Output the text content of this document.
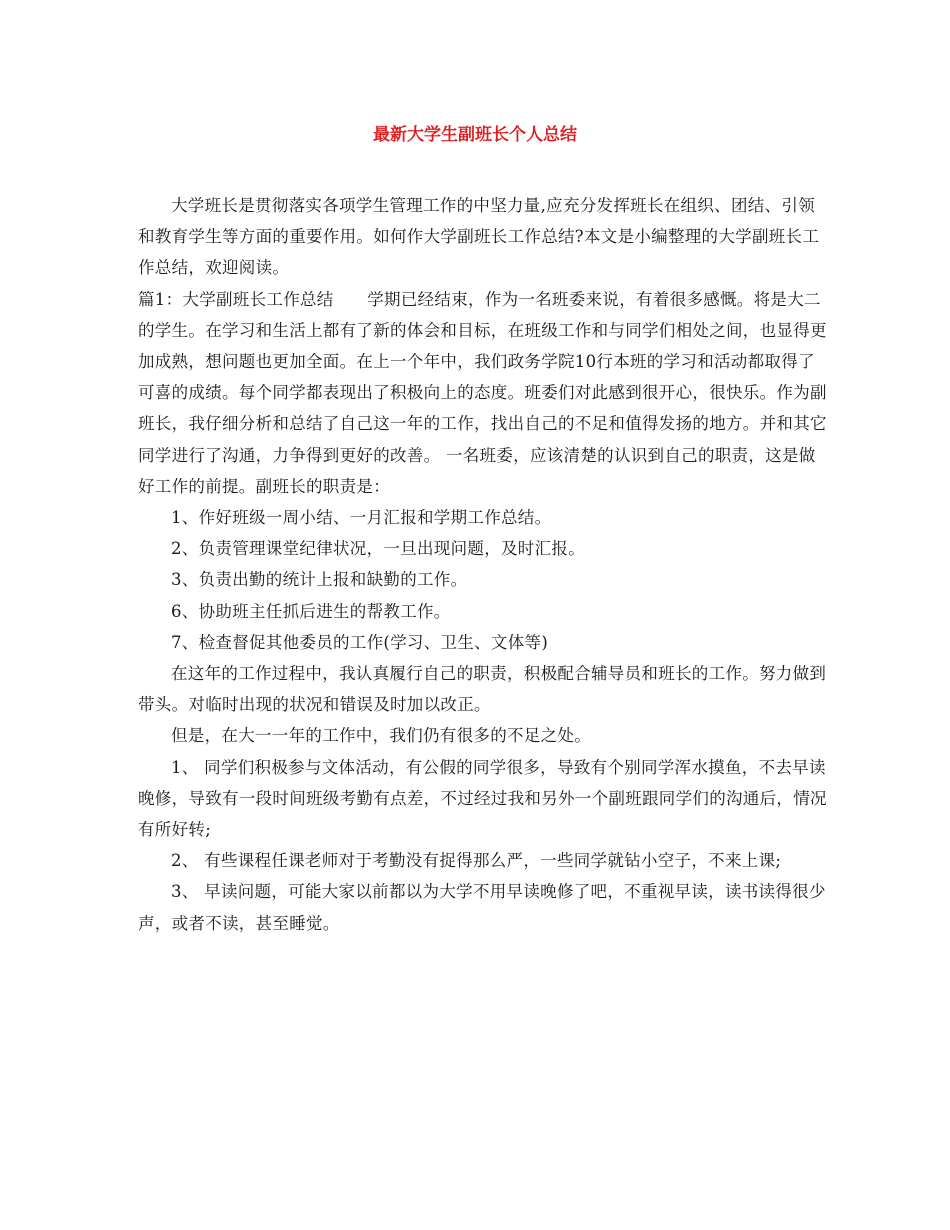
最新大学生副班长个人总结

大学班长是贯彻落实各项学生管理工作的中坚力量,应充分发挥班长在组织、团结、引领和教育学生等方面的重要作用。如何作大学副班长工作总结?本文是小编整理的大学副班长工作总结，欢迎阅读。

篇1：大学副班长工作总结　　学期已经结束，作为一名班委来说，有着很多感慨。将是大二的学生。在学习和生活上都有了新的体会和目标，在班级工作和与同学们相处之间，也显得更加成熟，想问题也更加全面。在上一个年中，我们政务学院10行本班的学习和活动都取得了可喜的成绩。每个同学都表现出了积极向上的态度。班委们对此感到很开心，很快乐。作为副班长，我仔细分析和总结了自己这一年的工作，找出自己的不足和值得发扬的地方。并和其它同学进行了沟通，力争得到更好的改善。 一名班委，应该清楚的认识到自己的职责，这是做好工作的前提。副班长的职责是：

1、作好班级一周小结、一月汇报和学期工作总结。

2、负责管理课堂纪律状况，一旦出现问题，及时汇报。

3、负责出勤的统计上报和缺勤的工作。

6、协助班主任抓后进生的帮教工作。

7、检查督促其他委员的工作(学习、卫生、文体等)

在这年的工作过程中，我认真履行自己的职责，积极配合辅导员和班长的工作。努力做到带头。对临时出现的状况和错误及时加以改正。

但是，在大一一年的工作中，我们仍有很多的不足之处。

1、 同学们积极参与文体活动，有公假的同学很多，导致有个别同学浑水摸鱼，不去早读晚修，导致有一段时间班级考勤有点差，不过经过我和另外一个副班跟同学们的沟通后，情况有所好转;

2、 有些课程任课老师对于考勤没有捉得那么严，一些同学就钻小空子，不来上课;

3、 早读问题，可能大家以前都以为大学不用早读晚修了吧，不重视早读，读书读得很少声，或者不读，甚至睡觉。
